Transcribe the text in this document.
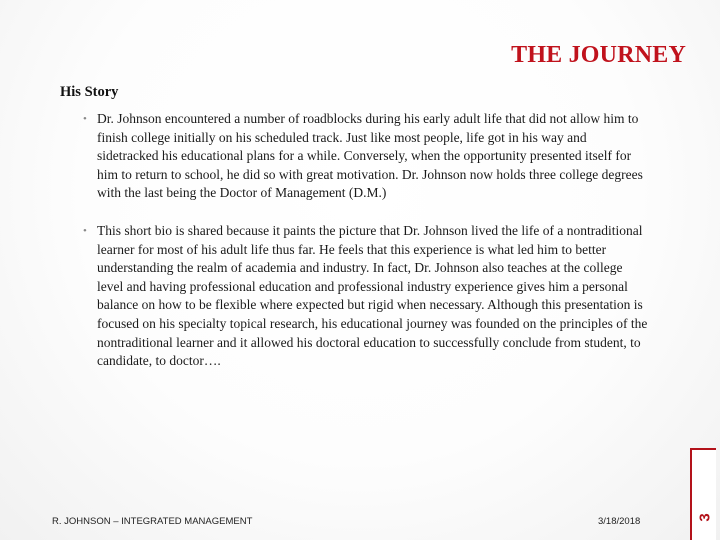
THE JOURNEY
His Story
• Dr. Johnson encountered a number of roadblocks during his early adult life that did not allow him to finish college initially on his scheduled track. Just like most people, life got in his way and sidetracked his educational plans for a while. Conversely, when the opportunity presented itself for him to return to school, he did so with great motivation. Dr. Johnson now holds three college degrees with the last being the Doctor of Management (D.M.)
• This short bio is shared because it paints the picture that Dr. Johnson lived the life of a nontraditional learner for most of his adult life thus far. He feels that this experience is what led him to better understanding the realm of academia and industry. In fact, Dr. Johnson also teaches at the college level and having professional education and professional industry experience gives him a personal balance on how to be flexible where expected but rigid when necessary. Although this presentation is focused on his specialty topical research, his educational journey was founded on the principles of the nontraditional learner and it allowed his doctoral education to successfully conclude from student, to candidate, to doctor….
R. JOHNSON – INTEGRATED MANAGEMENT	3/18/2018	3
